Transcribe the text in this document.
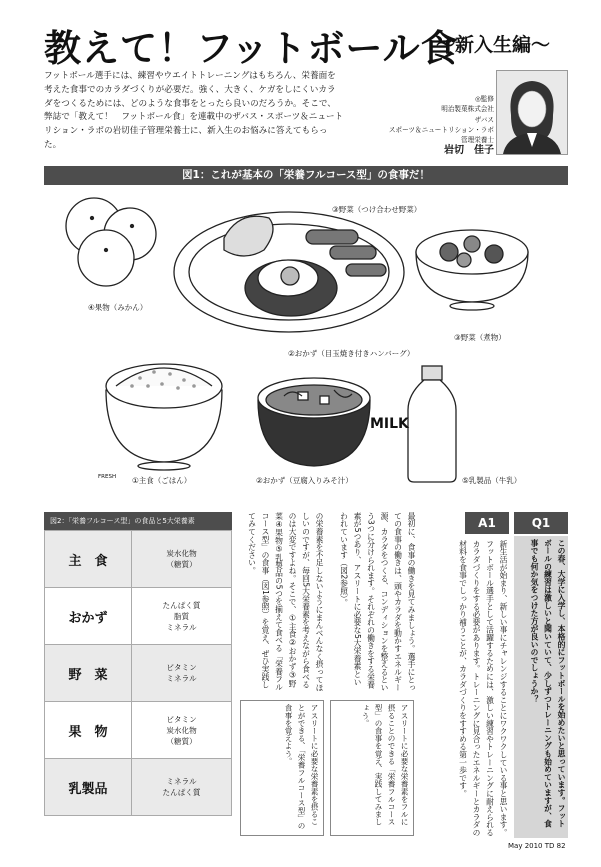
教えて！フットボール食
〜新入生編〜
フットボール選手には、練習やウエイトトレーニングはもちろん、栄養面を考えた食事でのカラダづくりが必要だ。強く、大きく、ケガをしにくいカラダをつくるためには、どのような食事をとったら良いのだろうか。そこで、弊誌で「教えて！　フットボール食」を連載中のザバス・スポーツ＆ニュートリション・ラボの岩切佳子管理栄養士に、新入生のお悩みに答えてもらった。
◎監修
明治製菓株式会社
ザバス
スポーツ＆ニュートリション・ラボ
管理栄養士
岩切　佳子
図1：これが基本の「栄養フルコース型」の食事だ！
FRESH
MILK
④果物（みかん）
③野菜（つけ合わせ野菜）
②おかず（目玉焼き付きハンバーグ）
③野菜（煮物）
①主食（ごはん）	②おかず（豆腐入りみそ汁）	⑤乳製品（牛乳）
図2：「栄養フルコース型」の食品と5大栄養素
主　食	炭水化物
（糖質）

おかず	たんぱく質
脂質
ミネラル

野　菜	ビタミン
ミネラル

果　物	ビタミン
炭水化物
（糖質）

乳製品	ミネラル
たんぱく質
Q1
この春、大学に入学し、本格的にフットボールを始めたいと思っています。フットボールの練習は激しいと聞いていて、少しずつトレーニングも始めていますが、食事でも何か気をつけた方が良いのでしょうか？
A1
新生活が始まり、新しい事にチャレンジすることにワクワクしている事と思います。フットボール選手として活躍するためには、激しい練習やトレーニングに耐えられるカラダづくりをする必要があります。トレーニングに見合ったエネルギーとカラダの材料を食事でしっかり補うことが、カラダづくりをすすめる第一歩です。
最初に、食事の働きを見てみましょう。選手にとっての食事の働きは、頭やカラダを動かすエネルギー源、カラダをつくる、コンディションを整えるという3つに分けられます。それぞれの働きをする栄養素が5つあり、アスリートに必要な5大栄養素といわれています（図2参照）。
の栄養素を不足しないようにまんべんなく摂ってほしいのですが、毎回5大栄養素を考えながら食べるのは大変ですよね。そこで、①主食②おかず③野菜④果物⑤乳製品の5つを揃えて食べる「栄養フルコース型」の食事（図1参照）を覚え、ぜひ実践してみてください。
アスリートに必要な栄養素をフルに摂ることのできる「栄養フルコース型」の食事を覚え、実践してみましょう。
アスリートに必要な栄養素を摂ることができる、「栄養フルコース型」の食事を覚えよう。
May 2010 TD 82
